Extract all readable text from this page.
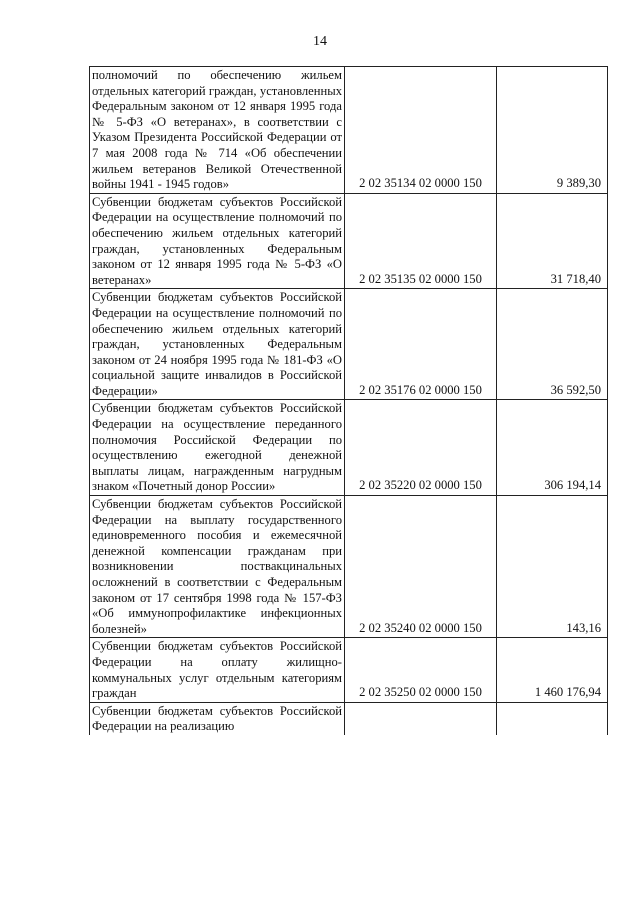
14
полномочий по обеспечению жильем отдельных категорий граждан, установленных Федеральным законом от 12 января 1995 года № 5-ФЗ «О ветеранах», в соответствии с Указом Президента Российской Федерации от 7 мая 2008 года № 714 «Об обеспечении жильем ветеранов Великой Отечественной войны 1941 - 1945 годов»	2 02 35134 02 0000 150	9 389,30
Субвенции бюджетам субъектов Российской Федерации на осуществление полномочий по обеспечению жильем отдельных категорий граждан, установленных Федеральным законом от 12 января 1995 года № 5-ФЗ «О ветеранах»	2 02 35135 02 0000 150	31 718,40
Субвенции бюджетам субъектов Российской Федерации на осуществление полномочий по обеспечению жильем отдельных категорий граждан, установленных Федеральным законом от 24 ноября 1995 года № 181-ФЗ «О социальной защите инвалидов в Российской Федерации»	2 02 35176 02 0000 150	36 592,50
Субвенции бюджетам субъектов Российской Федерации на осуществление переданного полномочия Российской Федерации по осуществлению ежегодной денежной выплаты лицам, награжденным нагрудным знаком «Почетный донор России»	2 02 35220 02 0000 150	306 194,14
Субвенции бюджетам субъектов Российской Федерации на выплату государственного единовременного пособия и ежемесячной денежной компенсации гражданам при возникновении поствакцинальных осложнений в соответствии с Федеральным законом от 17 сентября 1998 года № 157-ФЗ «Об иммунопрофилактике инфекционных болезней»	2 02 35240 02 0000 150	143,16
Субвенции бюджетам субъектов Российской Федерации на оплату жилищно-коммунальных услуг отдельным категориям граждан	2 02 35250 02 0000 150	1 460 176,94
Субвенции бюджетам субъектов Российской Федерации на реализацию		
